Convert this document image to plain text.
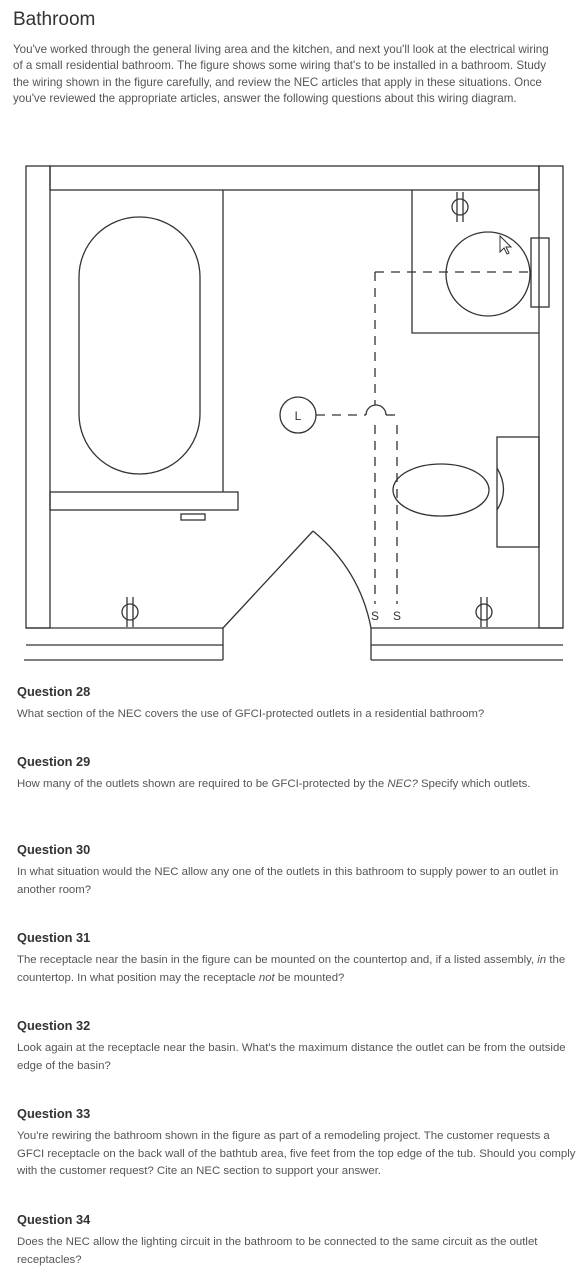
Bathroom

You've worked through the general living area and the kitchen, and next you'll look at the electrical wiring of a small residential bathroom. The figure shows some wiring that's to be installed in a bathroom. Study the wiring shown in the figure carefully, and review the NEC articles that apply in these situations. Once you've reviewed the appropriate articles, answer the following questions about this wiring diagram.

L
S S
Question 28

What section of the NEC covers the use of GFCI-protected outlets in a residential bathroom?

Question 29

How many of the outlets shown are required to be GFCI-protected by the NEC? Specify which outlets.

Question 30

In what situation would the NEC allow any one of the outlets in this bathroom to supply power to an outlet in another room?

Question 31

The receptacle near the basin in the figure can be mounted on the countertop and, if a listed assembly, in the countertop. In what position may the receptacle not be mounted?

Question 32

Look again at the receptacle near the basin. What's the maximum distance the outlet can be from the outside edge of the basin?

Question 33

You're rewiring the bathroom shown in the figure as part of a remodeling project. The customer requests a GFCI receptacle on the back wall of the bathtub area, five feet from the top edge of the tub. Should you comply with the customer request? Cite an NEC section to support your answer.

Question 34

Does the NEC allow the lighting circuit in the bathroom to be connected to the same circuit as the outlet receptacles?
